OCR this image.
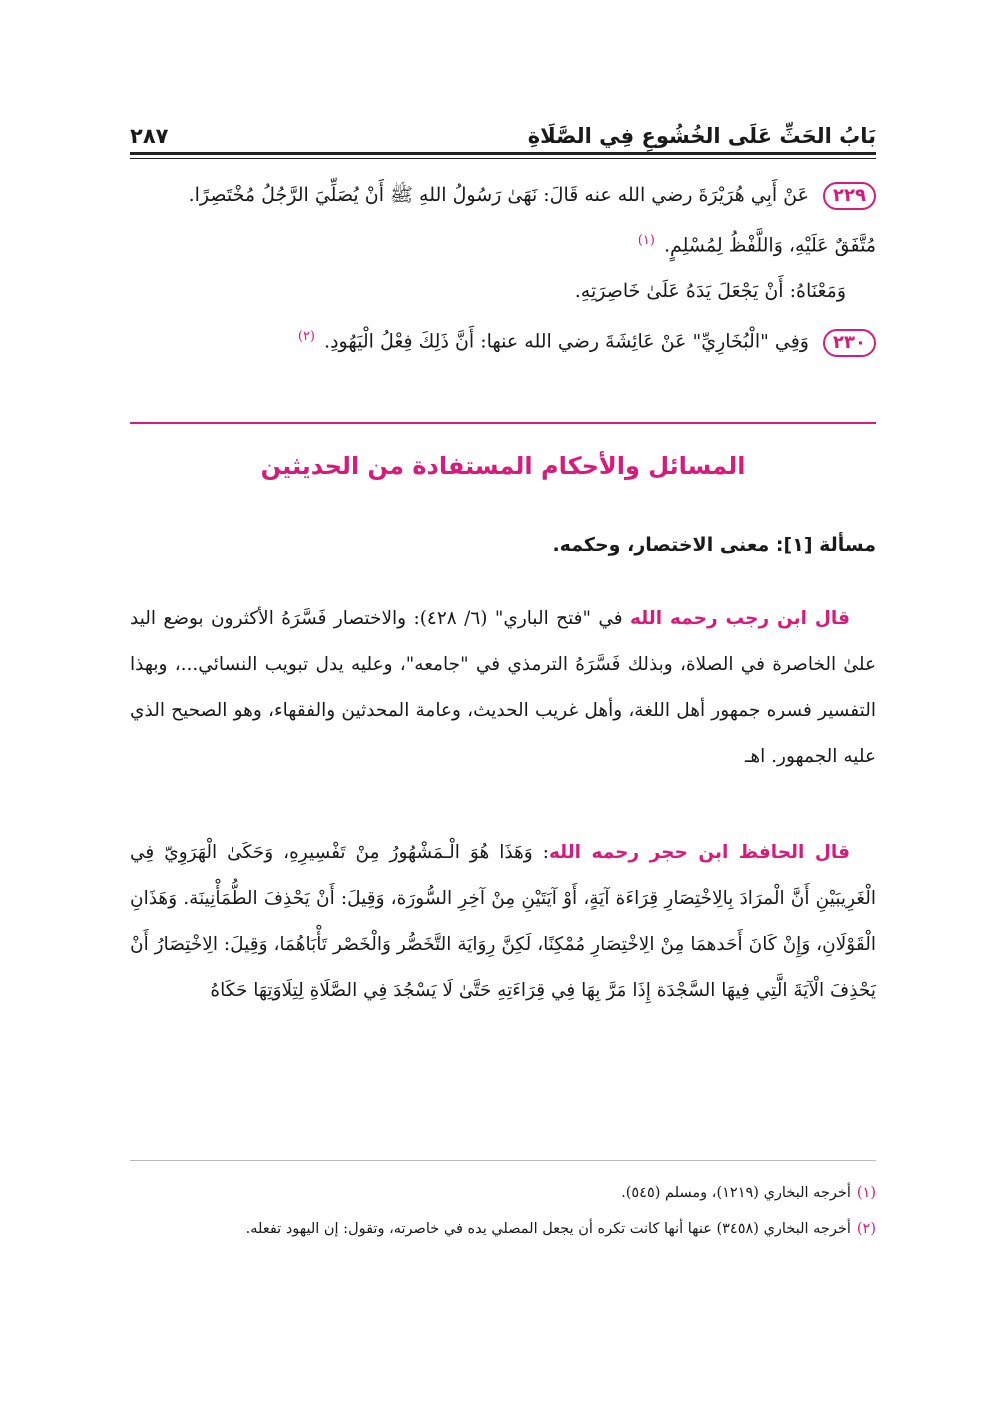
بَابُ الحَثِّ عَلَى الخُشُوعِ فِي الصَّلَاةِ
٢٨٧
٢٢٩ عَنْ أَبِي هُرَيْرَةَ رضي الله عنه قَالَ: نَهَىٰ رَسُولُ اللهِ ﷺ أَنْ يُصَلِّيَ الرَّجُلُ مُخْتَصِرًا.
مُتَّفَقٌ عَلَيْهِ، وَاللَّفْظُ لِمُسْلِمٍ. $^{(١)}$
وَمَعْنَاهُ: أَنْ يَجْعَلَ يَدَهُ عَلَىٰ خَاصِرَتِهِ.
٢٣٠ وَفِي "الْبُخَارِيِّ" عَنْ عَائِشَةَ رضي الله عنها: أَنَّ ذَلِكَ فِعْلُ الْيَهُودِ. $^{(٢)}$
المسائل والأحكام المستفادة من الحديثين
مسألة [١]: معنى الاختصار، وحكمه.
قال ابن رجب رحمه الله في "فتح الباري" (٦/ ٤٢٨): والاختصار فَسَّرَهُ الأكثرون بوضع اليد علىٰ الخاصرة في الصلاة، وبذلك فَسَّرَهُ الترمذي في "جامعه"، وعليه يدل تبويب النسائي...، وبهذا التفسير فسره جمهور أهل اللغة، وأهل غريب الحديث، وعامة المحدثين والفقهاء، وهو الصحيح الذي عليه الجمهور. اهـ
قال الحافظ ابن حجر رحمه الله: وَهَذَا هُوَ الْـمَشْهُورُ مِنْ تَفْسِيرِهِ، وَحَكَىٰ الْهَرَوِيّ فِي الْغَرِيبَيْنِ أَنَّ الْمرَادَ بِالِاخْتِصَارِ قِرَاءَة آيَةٍ، أَوْ آيَتَيْنِ مِنْ آخِرِ السُّورَة، وَقِيلَ: أَنْ يَحْذِفَ الطُّمَأْنِينَة. وَهَذَانِ الْقَوْلَانِ، وَإِنْ كَانَ أَحَدهمَا مِنْ الِاخْتِصَارِ مُمْكِنًا، لَكِنَّ رِوَايَة التَّخَصُّر وَالْخَصْر تَأْبَاهُمَا، وَقِيلَ: الِاخْتِصَارُ أَنْ يَحْذِفَ الْآيَةَ الَّتِي فِيهَا السَّجْدَة إِذَا مَرَّ بِهَا فِي قِرَاءَتِهِ حَتَّىٰ لَا يَسْجُدَ فِي الصَّلَاةِ لِتِلَاوَتِهَا حَكَاهُ
(١)أخرجه البخاري (١٢١٩)، ومسلم (٥٤٥).
(٢)أخرجه البخاري (٣٤٥٨) عنها أنها كانت تكره أن يجعل المصلي يده في خاصرته، وتقول: إن اليهود تفعله.
